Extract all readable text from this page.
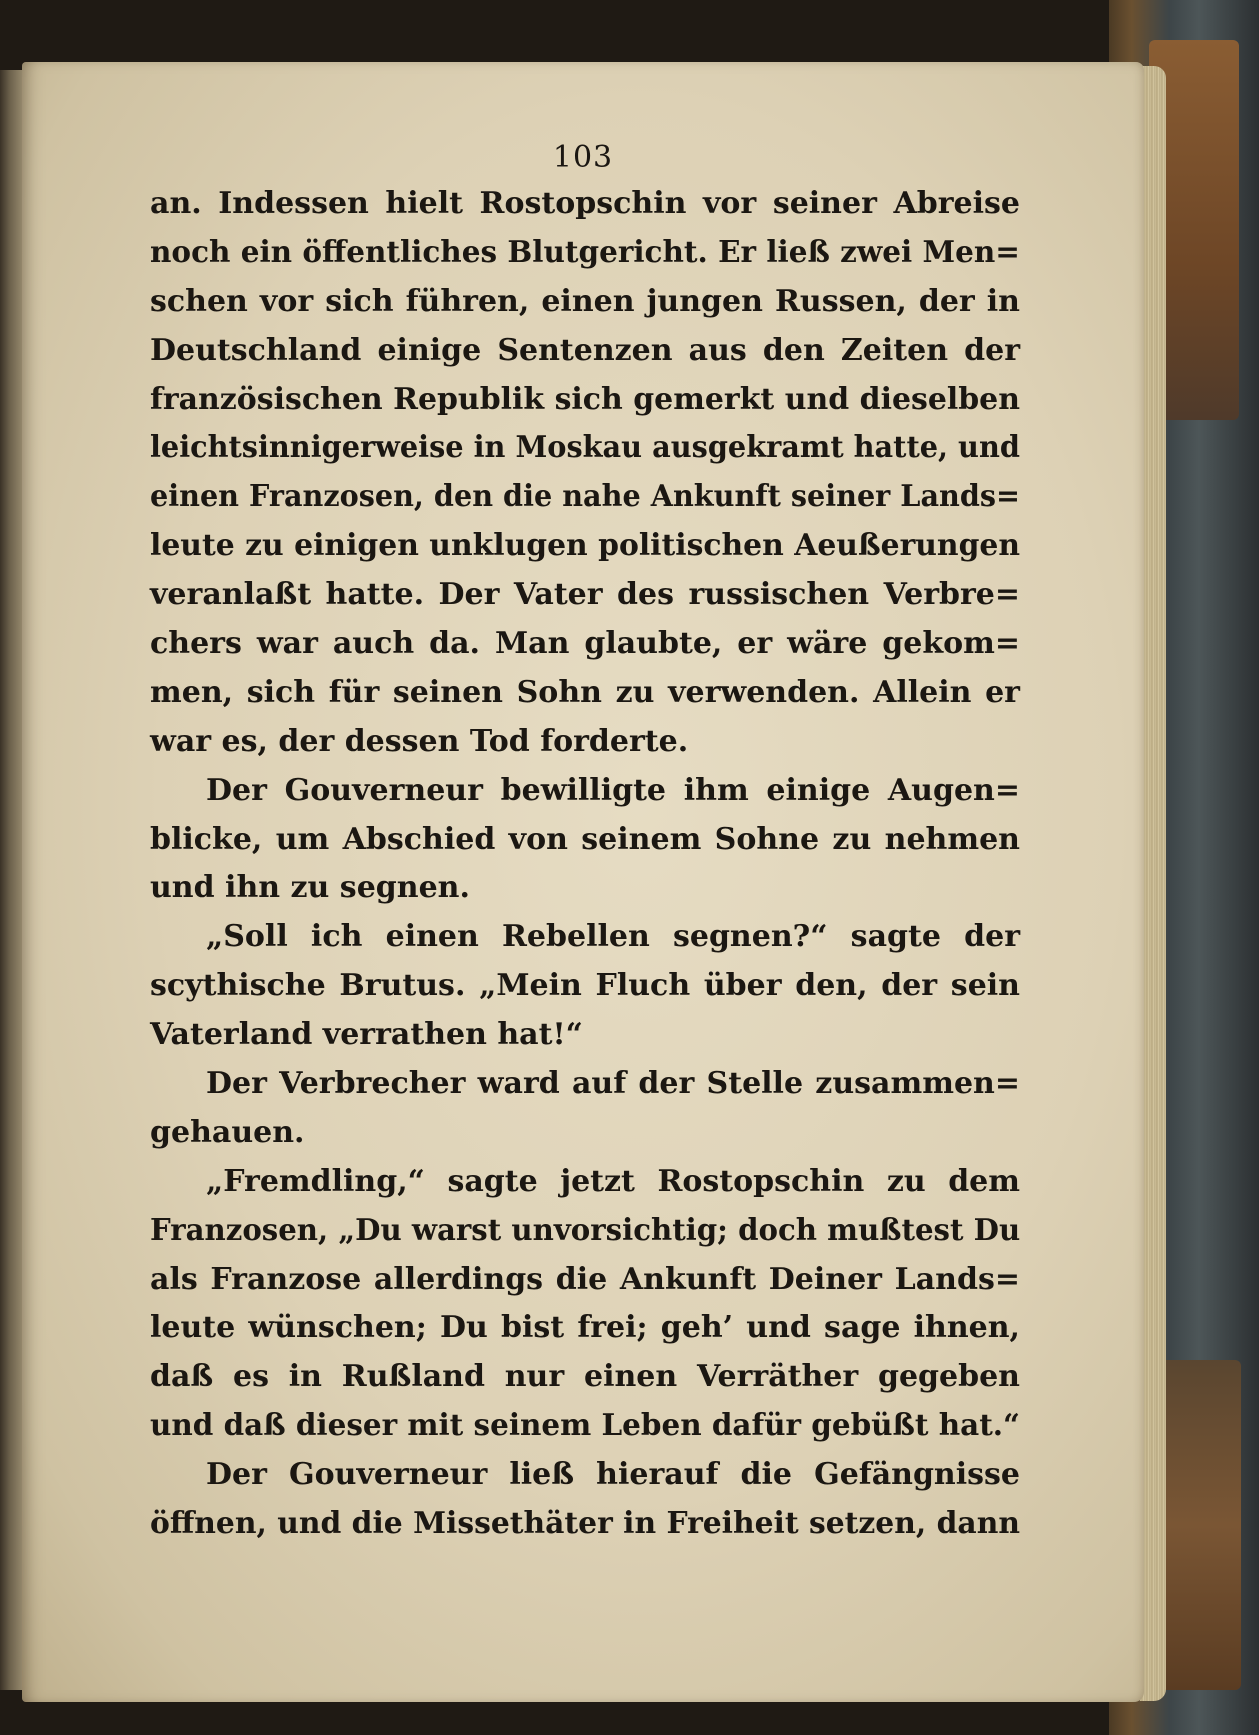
103
an. Indessen hielt Rostopschin vor seiner Abreise
noch ein öffentliches Blutgericht. Er ließ zwei Men=
schen vor sich führen, einen jungen Russen, der in
Deutschland einige Sentenzen aus den Zeiten der
französischen Republik sich gemerkt und dieselben
leichtsinnigerweise in Moskau ausgekramt hatte, und
einen Franzosen, den die nahe Ankunft seiner Lands=
leute zu einigen unklugen politischen Aeußerungen
veranlaßt hatte. Der Vater des russischen Verbre=
chers war auch da. Man glaubte, er wäre gekom=
men, sich für seinen Sohn zu verwenden. Allein er
war es, der dessen Tod forderte.
Der Gouverneur bewilligte ihm einige Augen=
blicke, um Abschied von seinem Sohne zu nehmen
und ihn zu segnen.
„Soll ich einen Rebellen segnen?“ sagte der
scythische Brutus. „Mein Fluch über den, der sein
Vaterland verrathen hat!“
Der Verbrecher ward auf der Stelle zusammen=
gehauen.
„Fremdling,“ sagte jetzt Rostopschin zu dem
Franzosen, „Du warst unvorsichtig; doch mußtest Du
als Franzose allerdings die Ankunft Deiner Lands=
leute wünschen; Du bist frei; geh’ und sage ihnen,
daß es in Rußland nur einen Verräther gegeben
und daß dieser mit seinem Leben dafür gebüßt hat.“
Der Gouverneur ließ hierauf die Gefängnisse
öffnen, und die Missethäter in Freiheit setzen, dann
